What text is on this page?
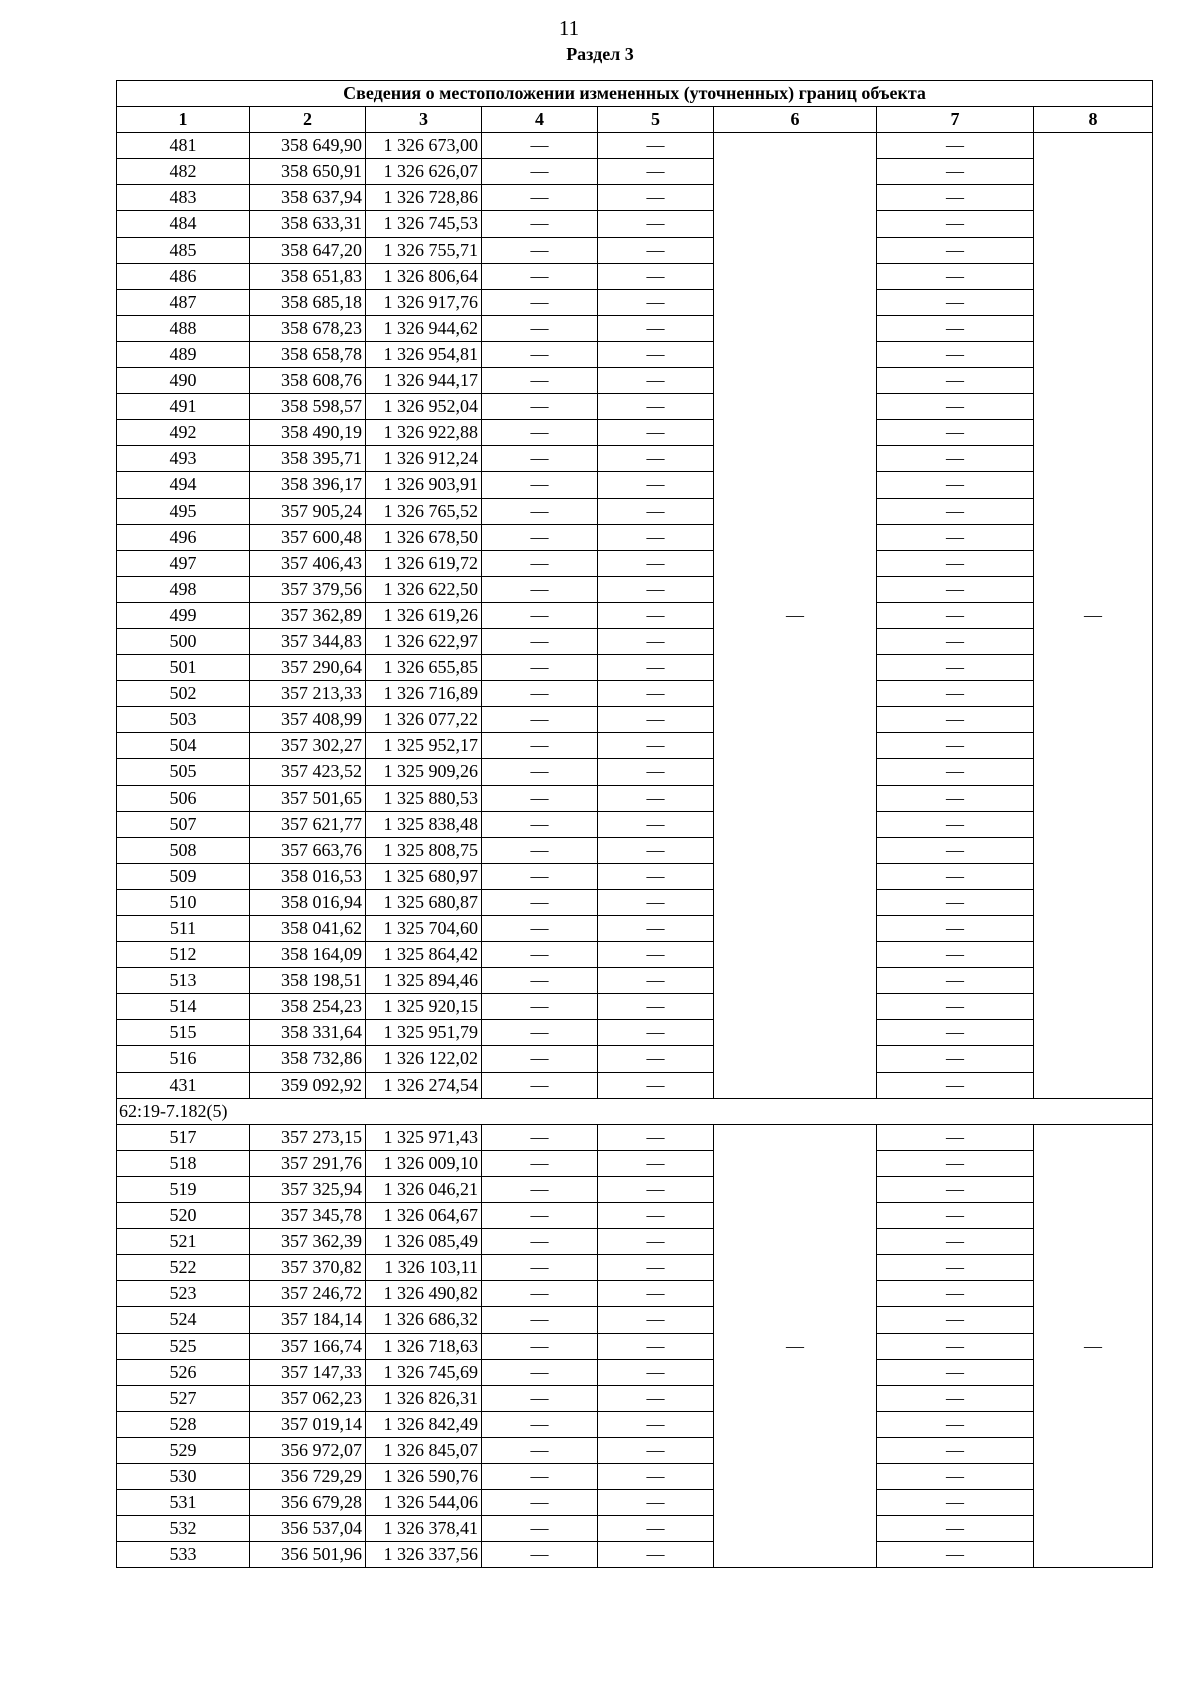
11
Раздел 3
Сведения о местоположении измененных (уточненных) границ объекта							
1	2	3	4	5	6	7	8
481	358 649,90	1 326 673,00	—	—	—	—	—
482	358 650,91	1 326 626,07	—	—		—	
483	358 637,94	1 326 728,86	—	—		—	
484	358 633,31	1 326 745,53	—	—		—	
485	358 647,20	1 326 755,71	—	—		—	
486	358 651,83	1 326 806,64	—	—		—	
487	358 685,18	1 326 917,76	—	—		—	
488	358 678,23	1 326 944,62	—	—		—	
489	358 658,78	1 326 954,81	—	—		—	
490	358 608,76	1 326 944,17	—	—		—	
491	358 598,57	1 326 952,04	—	—		—	
492	358 490,19	1 326 922,88	—	—		—	
493	358 395,71	1 326 912,24	—	—		—	
494	358 396,17	1 326 903,91	—	—		—	
495	357 905,24	1 326 765,52	—	—		—	
496	357 600,48	1 326 678,50	—	—		—	
497	357 406,43	1 326 619,72	—	—		—	
498	357 379,56	1 326 622,50	—	—		—	
499	357 362,89	1 326 619,26	—	—		—	
500	357 344,83	1 326 622,97	—	—		—	
501	357 290,64	1 326 655,85	—	—		—	
502	357 213,33	1 326 716,89	—	—		—	
503	357 408,99	1 326 077,22	—	—		—	
504	357 302,27	1 325 952,17	—	—		—	
505	357 423,52	1 325 909,26	—	—		—	
506	357 501,65	1 325 880,53	—	—		—	
507	357 621,77	1 325 838,48	—	—		—	
508	357 663,76	1 325 808,75	—	—		—	
509	358 016,53	1 325 680,97	—	—		—	
510	358 016,94	1 325 680,87	—	—		—	
511	358 041,62	1 325 704,60	—	—		—	
512	358 164,09	1 325 864,42	—	—		—	
513	358 198,51	1 325 894,46	—	—		—	
514	358 254,23	1 325 920,15	—	—		—	
515	358 331,64	1 325 951,79	—	—		—	
516	358 732,86	1 326 122,02	—	—		—	
431	359 092,92	1 326 274,54	—	—		—	
62:19-7.182(5)							
517	357 273,15	1 325 971,43	—	—	—	—	—
518	357 291,76	1 326 009,10	—	—		—	
519	357 325,94	1 326 046,21	—	—		—	
520	357 345,78	1 326 064,67	—	—		—	
521	357 362,39	1 326 085,49	—	—		—	
522	357 370,82	1 326 103,11	—	—		—	
523	357 246,72	1 326 490,82	—	—		—	
524	357 184,14	1 326 686,32	—	—		—	
525	357 166,74	1 326 718,63	—	—		—	
526	357 147,33	1 326 745,69	—	—		—	
527	357 062,23	1 326 826,31	—	—		—	
528	357 019,14	1 326 842,49	—	—		—	
529	356 972,07	1 326 845,07	—	—		—	
530	356 729,29	1 326 590,76	—	—		—	
531	356 679,28	1 326 544,06	—	—		—	
532	356 537,04	1 326 378,41	—	—		—	
533	356 501,96	1 326 337,56	—	—		—	
